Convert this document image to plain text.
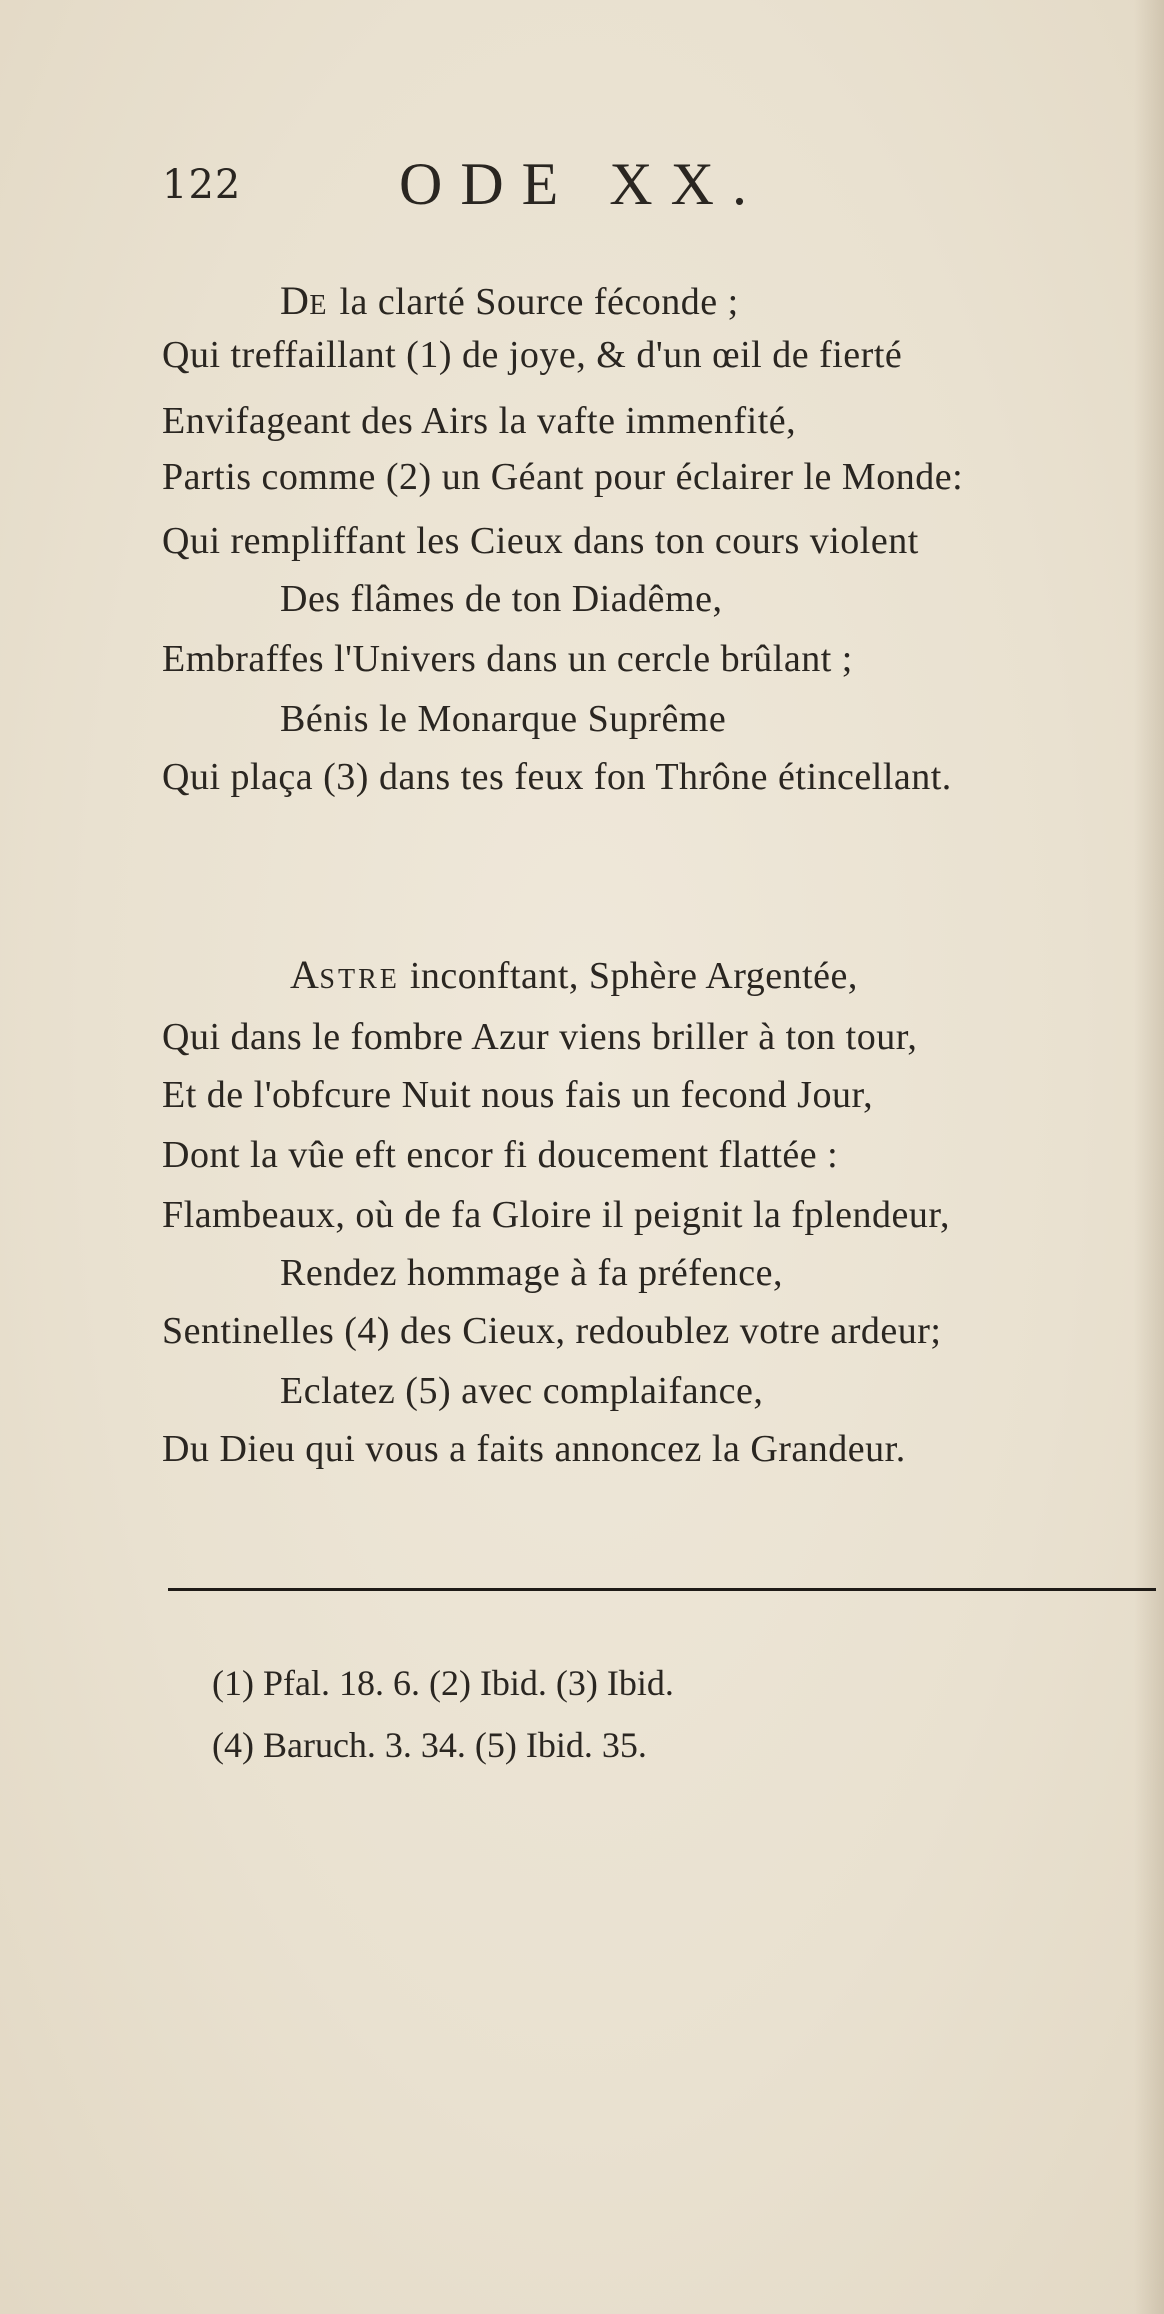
122	ODE XX.
DE la clarté Source féconde ;
Qui treffaillant (1) de joye, & d'un œil de fierté
Envifageant des Airs la vafte immenfité,
Partis comme (2) un Géant pour éclairer le Monde:
Qui rempliffant les Cieux dans ton cours violent
Des flâmes de ton Diadême,
Embraffes l'Univers dans un cercle brûlant ;
Bénis le Monarque Suprême
Qui plaça (3) dans tes feux fon Thrône étincellant.
ASTRE inconftant, Sphère Argentée,
Qui dans le fombre Azur viens briller à ton tour,
Et de l'obfcure Nuit nous fais un fecond Jour,
Dont la vûe eft encor fi doucement flattée :
Flambeaux, où de fa Gloire il peignit la fplendeur,
Rendez hommage à fa préfence,
Sentinelles (4) des Cieux, redoublez votre ardeur;
Eclatez (5) avec complaifance,
Du Dieu qui vous a faits annoncez la Grandeur.
(1) Pfal. 18. 6. (2) Ibid. (3) Ibid.
(4) Baruch. 3. 34. (5) Ibid. 35.
